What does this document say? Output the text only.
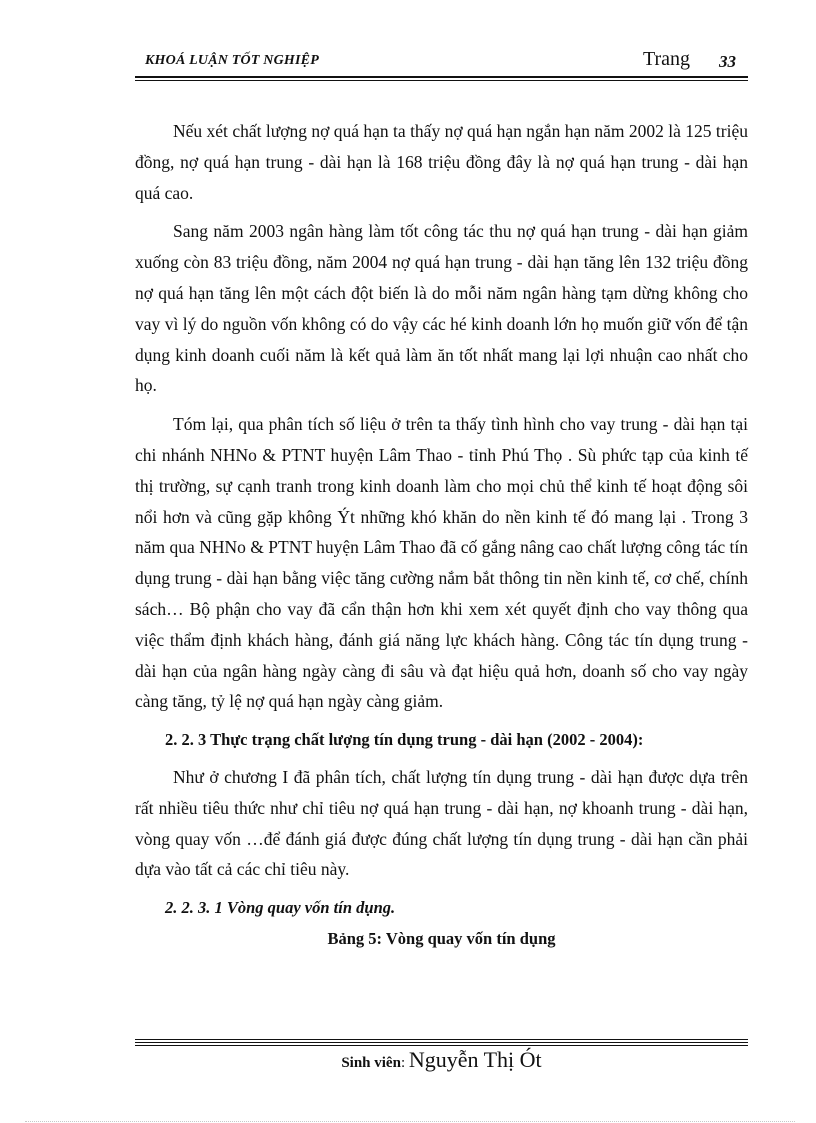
KHOÁ LUẬN TỐT NGHIỆP	Trang 33

Nếu xét chất lượng nợ quá hạn ta thấy nợ quá hạn ngắn hạn năm 2002 là 125 triệu đồng, nợ quá hạn trung - dài hạn là 168 triệu đồng đây là nợ quá hạn trung - dài hạn quá cao.

Sang năm 2003 ngân hàng làm tốt công tác thu nợ quá hạn trung - dài hạn giảm xuống còn 83 triệu đồng, năm 2004 nợ quá hạn trung - dài hạn tăng lên 132 triệu đồng nợ quá hạn tăng lên một cách đột biến là do mỗi năm ngân hàng tạm dừng không cho vay vì lý do nguồn vốn không có do vậy các hé kinh doanh lớn họ muốn giữ vốn để tận dụng kinh doanh cuối năm là kết quả làm ăn tốt nhất mang lại lợi nhuận cao nhất cho họ.

Tóm lại, qua phân tích số liệu ở trên ta thấy tình hình cho vay trung - dài hạn tại chi nhánh NHNo & PTNT huyện Lâm Thao - tỉnh Phú Thọ . Sù phức tạp của kinh tế thị trường, sự cạnh tranh trong kinh doanh làm cho mọi chủ thể kinh tế hoạt động sôi nổi hơn và cũng gặp không Ýt những khó khăn do nền kinh tế đó mang lại . Trong 3 năm qua NHNo & PTNT huyện Lâm Thao đã cố gắng nâng cao chất lượng công tác tín dụng trung - dài hạn bằng việc tăng cường nắm bắt thông tin nền kinh tế, cơ chế, chính sách… Bộ phận cho vay đã cẩn thận hơn khi xem xét quyết định cho vay thông qua việc thẩm định khách hàng, đánh giá năng lực khách hàng. Công tác tín dụng trung - dài hạn của ngân hàng ngày càng đi sâu và đạt hiệu quả hơn, doanh số cho vay ngày càng tăng, tỷ lệ nợ quá hạn ngày càng giảm.

2. 2. 3 Thực trạng chất lượng tín dụng trung - dài hạn (2002 - 2004):

Như ở chương I đã phân tích, chất lượng tín dụng trung - dài hạn được dựa trên rất nhiều tiêu thức như chỉ tiêu nợ quá hạn trung - dài hạn, nợ khoanh trung - dài hạn, vòng quay vốn …để đánh giá được đúng chất lượng tín dụng trung - dài hạn cần phải dựa vào tất cả các chỉ tiêu này.

2. 2. 3. 1 Vòng quay vốn tín dụng.

Bảng 5: Vòng quay vốn tín dụng

Sinh viên: Nguyễn Thị Ót
